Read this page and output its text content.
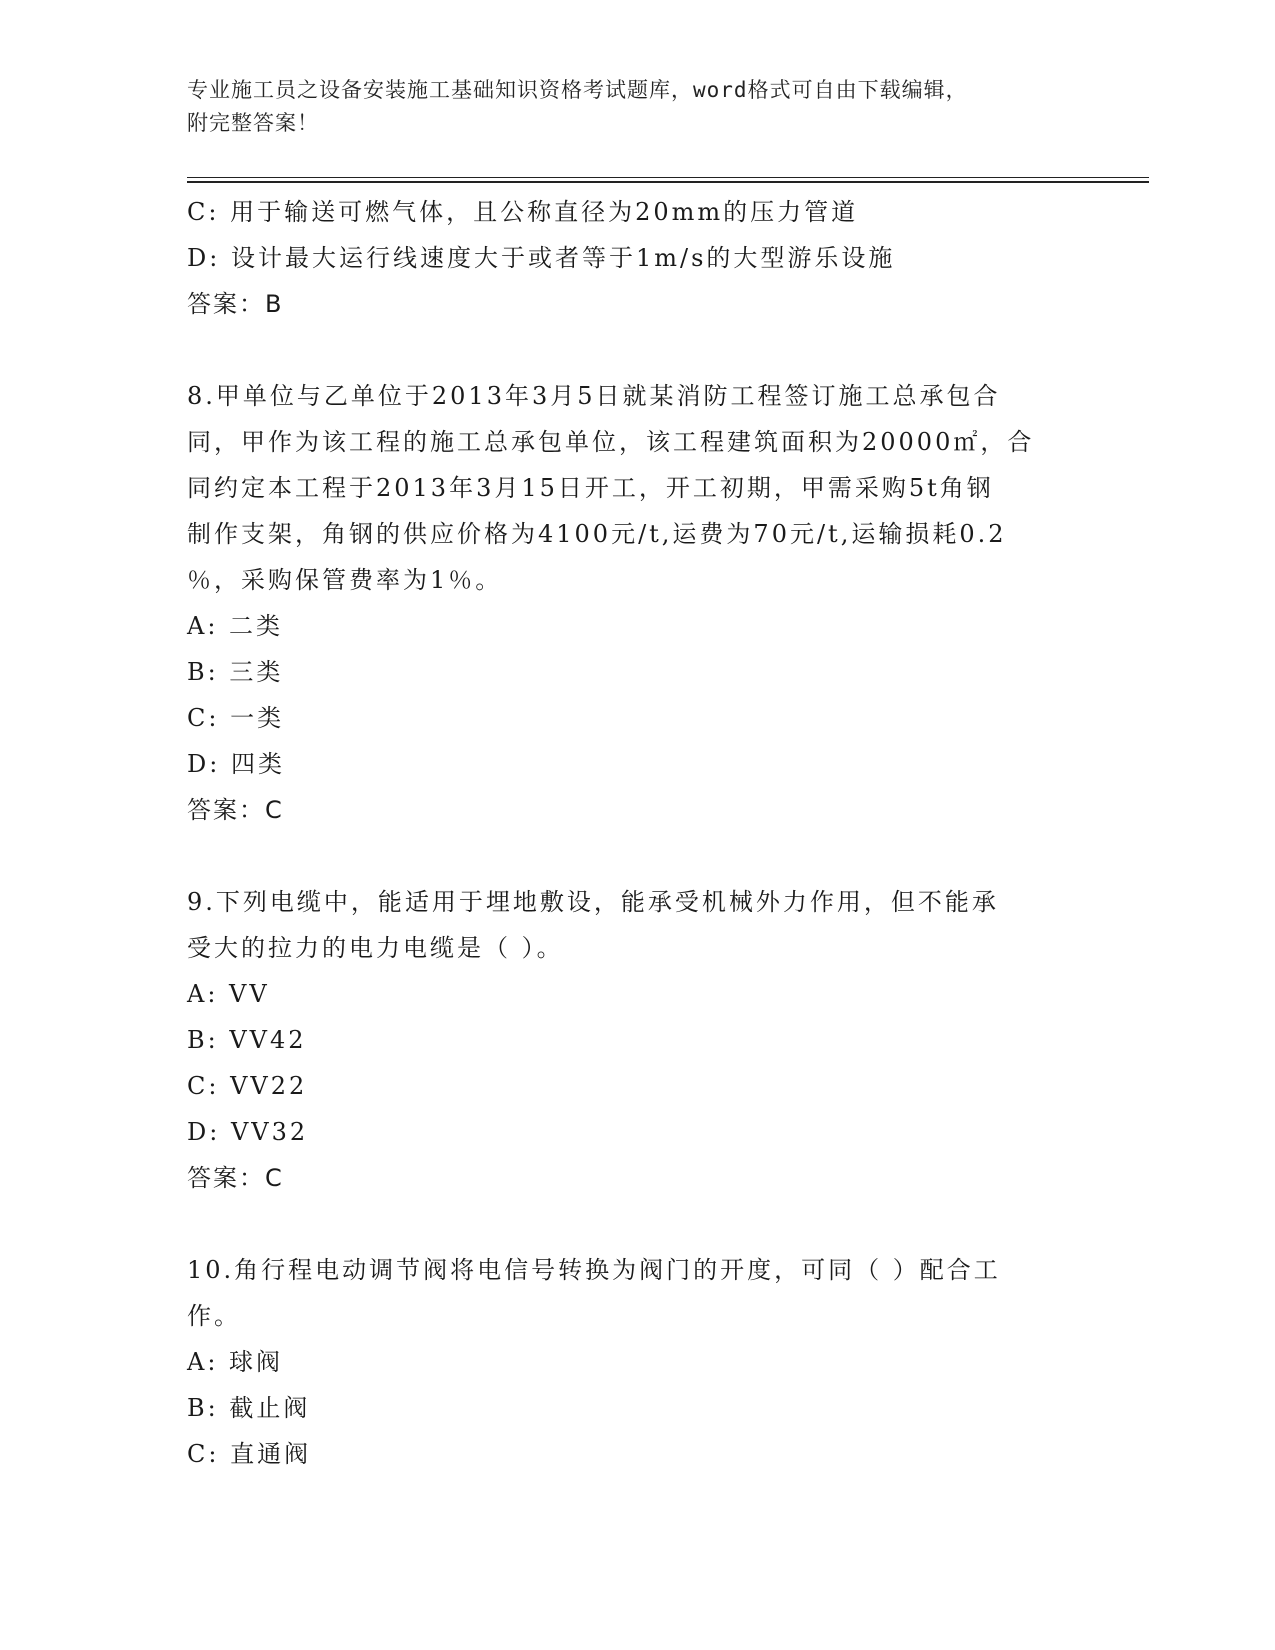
专业施工员之设备安装施工基础知识资格考试题库，word格式可自由下载编辑，
附完整答案！
C: 用于输送可燃气体，且公称直径为20mm的压力管道
D: 设计最大运行线速度大于或者等于1m/s的大型游乐设施
答案：B
8.甲单位与乙单位于2013年3月5日就某消防工程签订施工总承包合
同，甲作为该工程的施工总承包单位，该工程建筑面积为20000㎡，合
同约定本工程于2013年3月15日开工，开工初期，甲需采购5t角钢
制作支架，角钢的供应价格为4100元/t,运费为70元/t,运输损耗0.2
％，采购保管费率为1％。
A: 二类
B: 三类
C: 一类
D: 四类
答案：C
9.下列电缆中，能适用于埋地敷设，能承受机械外力作用，但不能承
受大的拉力的电力电缆是（ ）。
A: VV
B: VV42
C: VV22
D: VV32
答案：C
10.角行程电动调节阀将电信号转换为阀门的开度，可同（ ）配合工
作。
A: 球阀
B: 截止阀
C: 直通阀
